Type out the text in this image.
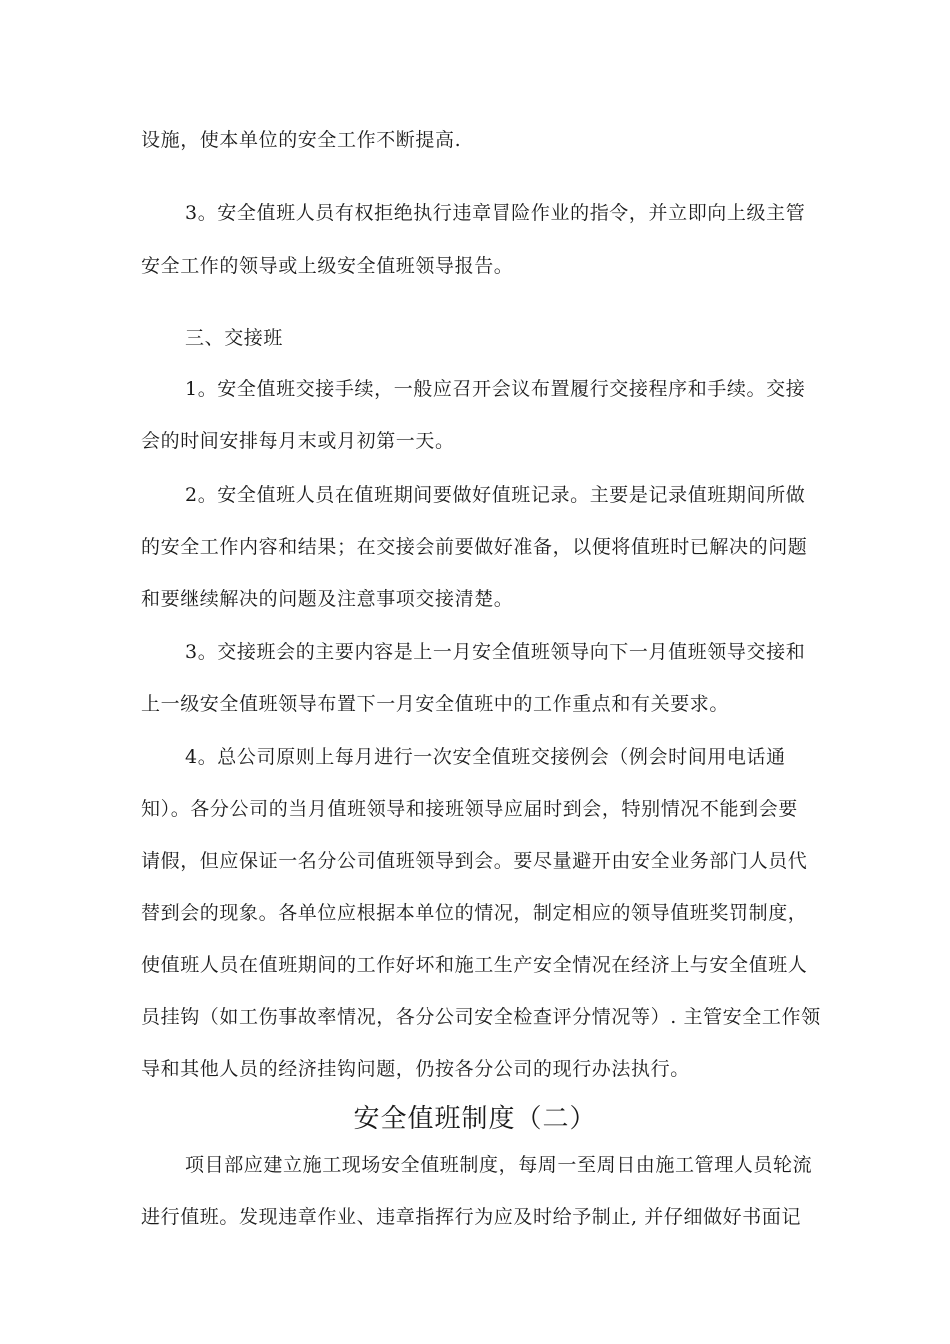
设施，使本单位的安全工作不断提高.
3。安全值班人员有权拒绝执行违章冒险作业的指令，并立即向上级主管
安全工作的领导或上级安全值班领导报告。
三、交接班
1。安全值班交接手续，一般应召开会议布置履行交接程序和手续。交接
会的时间安排每月末或月初第一天。
2。安全值班人员在值班期间要做好值班记录。主要是记录值班期间所做
的安全工作内容和结果；在交接会前要做好准备，以便将值班时已解决的问题
和要继续解决的问题及注意事项交接清楚。
3。交接班会的主要内容是上一月安全值班领导向下一月值班领导交接和
上一级安全值班领导布置下一月安全值班中的工作重点和有关要求。
4。总公司原则上每月进行一次安全值班交接例会（例会时间用电话通
知）。各分公司的当月值班领导和接班领导应届时到会，特别情况不能到会要
请假，但应保证一名分公司值班领导到会。要尽量避开由安全业务部门人员代
替到会的现象。各单位应根据本单位的情况，制定相应的领导值班奖罚制度，
使值班人员在值班期间的工作好坏和施工生产安全情况在经济上与安全值班人
员挂钩（如工伤事故率情况，各分公司安全检查评分情况等）. 主管安全工作领
导和其他人员的经济挂钩问题，仍按各分公司的现行办法执行。
安全值班制度（二）
项目部应建立施工现场安全值班制度，每周一至周日由施工管理人员轮流
进行值班。发现违章作业、违章指挥行为应及时给予制止, 并仔细做好书面记
